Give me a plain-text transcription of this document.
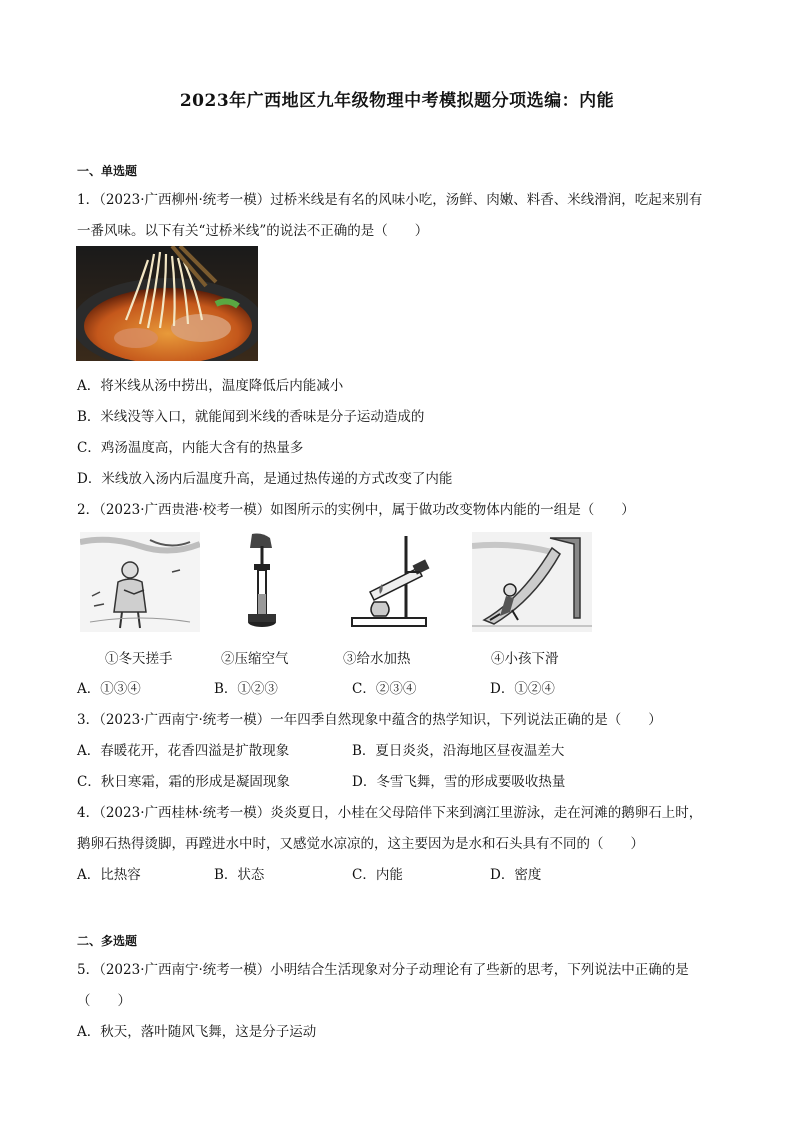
2023年广西地区九年级物理中考模拟题分项选编：内能
一、单选题
1．（2023·广西柳州·统考一模）过桥米线是有名的风味小吃，汤鲜、肉嫩、料香、米线滑润，吃起来别有
一番风味。以下有关“过桥米线”的说法不正确的是（　　）
A．将米线从汤中捞出，温度降低后内能减小
B．米线没等入口，就能闻到米线的香味是分子运动造成的
C．鸡汤温度高，内能大含有的热量多
D．米线放入汤内后温度升高，是通过热传递的方式改变了内能
2．（2023·广西贵港·校考一模）如图所示的实例中，属于做功改变物体内能的一组是（　　）
①冬天搓手	②压缩空气	③给水加热	④小孩下滑
A．①③④	B．①②③	C．②③④	D．①②④
3．（2023·广西南宁·统考一模）一年四季自然现象中蕴含的热学知识，下列说法正确的是（　　）
A．春暖花开，花香四溢是扩散现象	B．夏日炎炎，沿海地区昼夜温差大
C．秋日寒霜，霜的形成是凝固现象	D．冬雪飞舞，雪的形成要吸收热量
4．（2023·广西桂林·统考一模）炎炎夏日，小桂在父母陪伴下来到漓江里游泳，走在河滩的鹅卵石上时，
鹅卵石热得烫脚，再蹚进水中时，又感觉水凉凉的，这主要因为是水和石头具有不同的（　　）
A．比热容	B．状态	C．内能	D．密度
二、多选题
5．（2023·广西南宁·统考一模）小明结合生活现象对分子动理论有了些新的思考，下列说法中正确的是
（　　）
A．秋天，落叶随风飞舞，这是分子运动
